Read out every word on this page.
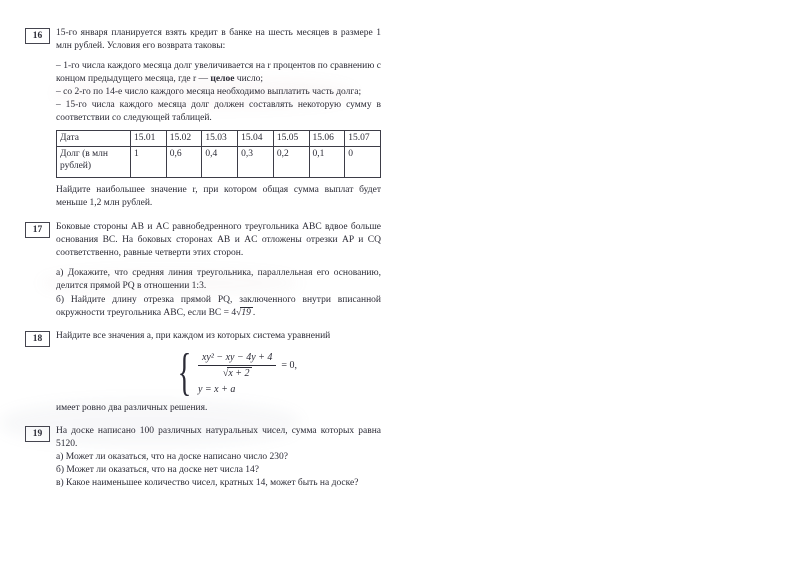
16	15-го января планируется взять кредит в банке на шесть месяцев в размере 1 млн рублей. Условия его возврата таковы:

– 1-го числа каждого месяца долг увеличивается на r процентов по сравнению с концом предыдущего месяца, где r — целое число;

– со 2-го по 14-е число каждого месяца необходимо выплатить часть долга;

– 15-го числа каждого месяца долг должен составлять некоторую сумму в соответствии со следующей таблицей.

Дата	15.01	15.02	15.03	15.04	15.05	15.06	15.07
Долг (в млн рублей)	1	0,6	0,4	0,3	0,2	0,1	0

Найдите наибольшее значение r, при котором общая сумма выплат будет меньше 1,2 млн рублей.

17	Боковые стороны AB и AC равнобедренного треугольника ABC вдвое больше основания BC. На боковых сторонах AB и AC отложены отрезки AP и CQ соответственно, равные четверти этих сторон.

а) Докажите, что средняя линия треугольника, параллельная его основанию, делится прямой PQ в отношении 1:3.

б) Найдите длину отрезка прямой PQ, заключенного внутри вписанной окружности треугольника ABC, если BC = 4√19 .

18	Найдите все значения a, при каждом из которых система уравнений

{ $\frac{\text{xy² − xy − 4y + 4}}{√x + 2} = 0$,
y = x + a

имеет ровно два различных решения.

19	На доске написано 100 различных натуральных чисел, сумма которых равна 5120.

а) Может ли оказаться, что на доске написано число 230?

б) Может ли оказаться, что на доске нет числа 14?

в) Какое наименьшее количество чисел, кратных 14, может быть на доске?
